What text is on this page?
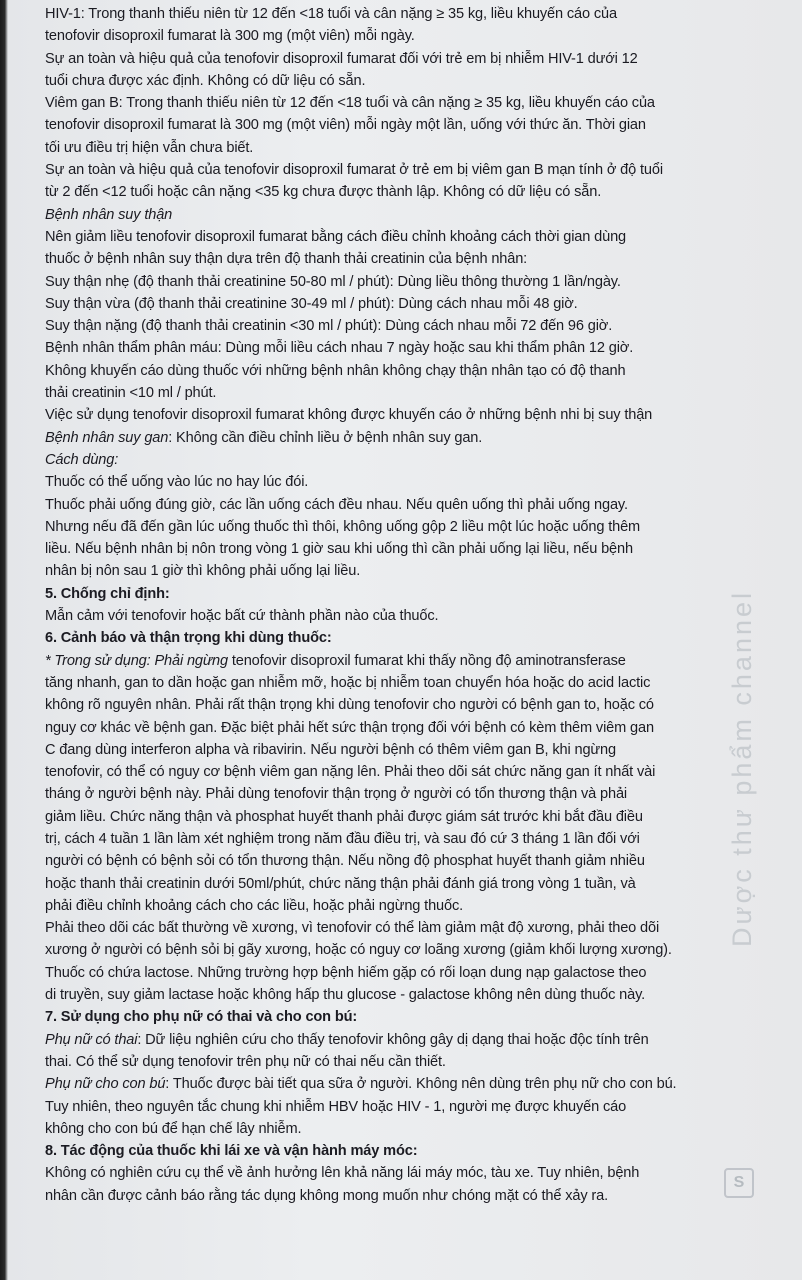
HIV-1: Trong thanh thiếu niên từ 12 đến <18 tuổi và cân nặng ≥ 35 kg, liều khuyến cáo của
tenofovir disoproxil fumarat là 300 mg (một viên) mỗi ngày.
Sự an toàn và hiệu quả của tenofovir disoproxil fumarat đối với trẻ em bị nhiễm HIV-1 dưới 12
tuổi chưa được xác định. Không có dữ liệu có sẵn.
Viêm gan B: Trong thanh thiếu niên từ 12 đến <18 tuổi và cân nặng ≥ 35 kg, liều khuyến cáo của
tenofovir disoproxil fumarat là 300 mg (một viên) mỗi ngày một lần, uống với thức ăn. Thời gian
tối ưu điều trị hiện vẫn chưa biết.
Sự an toàn và hiệu quả của tenofovir disoproxil fumarat ở trẻ em bị viêm gan B mạn tính ở độ tuổi
từ 2 đến <12 tuổi hoặc cân nặng <35 kg chưa được thành lập. Không có dữ liệu có sẵn.
Bệnh nhân suy thận
Nên giảm liều tenofovir disoproxil fumarat bằng cách điều chỉnh khoảng cách thời gian dùng
thuốc ở bệnh nhân suy thận dựa trên độ thanh thải creatinin của bệnh nhân:
Suy thận nhẹ (độ thanh thải creatinine 50-80 ml / phút): Dùng liều thông thường 1 lần/ngày.
Suy thận vừa (độ thanh thải creatinine 30-49 ml / phút): Dùng cách nhau mỗi 48 giờ.
Suy thận nặng (độ thanh thải creatinin <30 ml / phút): Dùng cách nhau mỗi 72 đến 96 giờ.
Bệnh nhân thẩm phân máu: Dùng mỗi liều cách nhau 7 ngày hoặc sau khi thẩm phân 12 giờ.
Không khuyến cáo dùng thuốc với những bệnh nhân không chạy thận nhân tạo có độ thanh
thải creatinin <10 ml / phút.
Việc sử dụng tenofovir disoproxil fumarat không được khuyến cáo ở những bệnh nhi bị suy thận
Bệnh nhân suy gan: Không cần điều chỉnh liều ở bệnh nhân suy gan.
Cách dùng:
Thuốc có thể uống vào lúc no hay lúc đói.
Thuốc phải uống đúng giờ, các lần uống cách đều nhau. Nếu quên uống thì phải uống ngay.
Nhưng nếu đã đến gần lúc uống thuốc thì thôi, không uống gộp 2 liều một lúc hoặc uống thêm
liều. Nếu bệnh nhân bị nôn trong vòng 1 giờ sau khi uống thì cần phải uống lại liều, nếu bệnh
nhân bị nôn sau 1 giờ thì không phải uống lại liều.
5. Chống chỉ định:
Mẫn cảm với tenofovir hoặc bất cứ thành phần nào của thuốc.
6. Cảnh báo và thận trọng khi dùng thuốc:
* Trong sử dụng: Phải ngừng tenofovir disoproxil fumarat khi thấy nồng độ aminotransferase
tăng nhanh, gan to dần hoặc gan nhiễm mỡ, hoặc bị nhiễm toan chuyển hóa hoặc do acid lactic
không rõ nguyên nhân. Phải rất thận trọng khi dùng tenofovir cho người có bệnh gan to, hoặc có
nguy cơ khác về bệnh gan. Đặc biệt phải hết sức thận trọng đối với bệnh có kèm thêm viêm gan
C đang dùng interferon alpha và ribavirin. Nếu người bệnh có thêm viêm gan B, khi ngừng
tenofovir, có thể có nguy cơ bệnh viêm gan nặng lên. Phải theo dõi sát chức năng gan ít nhất vài
tháng ở người bệnh này. Phải dùng tenofovir thận trọng ở người có tổn thương thận và phải
giảm liều. Chức năng thận và phosphat huyết thanh phải được giám sát trước khi bắt đầu điều
trị, cách 4 tuần 1 lần làm xét nghiệm trong năm đầu điều trị, và sau đó cứ 3 tháng 1 lần đối với
người có bệnh có bệnh sỏi có tổn thương thận. Nếu nồng độ phosphat huyết thanh giảm nhiều
hoặc thanh thải creatinin dưới 50ml/phút, chức năng thận phải đánh giá trong vòng 1 tuần, và
phải điều chỉnh khoảng cách cho các liều, hoặc phải ngừng thuốc.
Phải theo dõi các bất thường về xương, vì tenofovir có thể làm giảm mật độ xương, phải theo dõi
xương ở người có bệnh sỏi bị gãy xương, hoặc có nguy cơ loãng xương (giảm khối lượng xương).
Thuốc có chứa lactose. Những trường hợp bệnh hiếm gặp có rối loạn dung nạp galactose theo
di truyền, suy giảm lactase hoặc không hấp thu glucose - galactose không nên dùng thuốc này.
7. Sử dụng cho phụ nữ có thai và cho con bú:
Phụ nữ có thai: Dữ liệu nghiên cứu cho thấy tenofovir không gây dị dạng thai hoặc độc tính trên
thai. Có thể sử dụng tenofovir trên phụ nữ có thai nếu cần thiết.
Phụ nữ cho con bú: Thuốc được bài tiết qua sữa ở người. Không nên dùng trên phụ nữ cho con bú.
Tuy nhiên, theo nguyên tắc chung khi nhiễm HBV hoặc HIV - 1, người mẹ được khuyến cáo
không cho con bú để hạn chế lây nhiễm.
8. Tác động của thuốc khi lái xe và vận hành máy móc:
Không có nghiên cứu cụ thể về ảnh hưởng lên khả năng lái máy móc, tàu xe. Tuy nhiên, bệnh
nhân cần được cảnh báo rằng tác dụng không mong muốn như chóng mặt có thể xảy ra.
Dược thư phẩm channel
S
